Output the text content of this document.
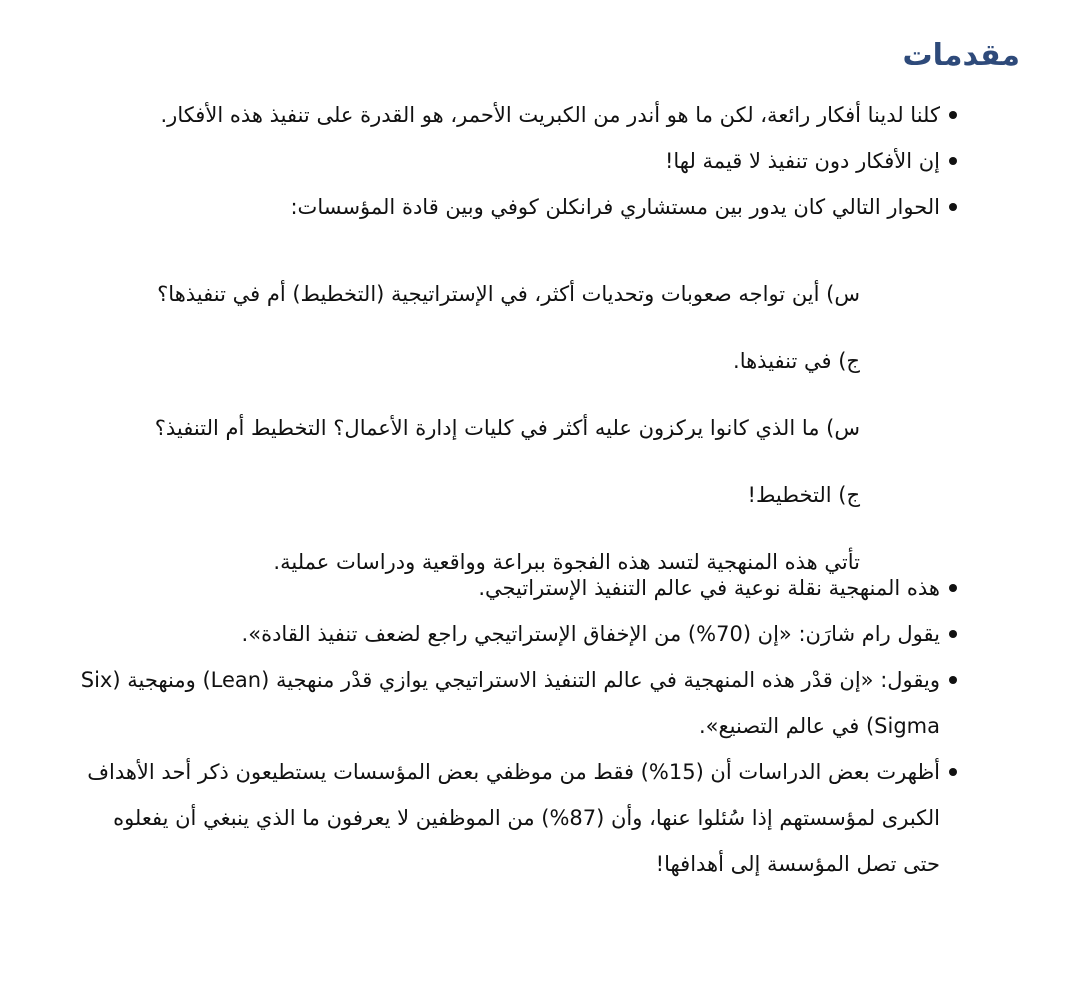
مقدمات
كلنا لدينا أفكار رائعة، لكن ما هو أندر من الكبريت الأحمر، هو القدرة على تنفيذ هذه الأفكار.
إن الأفكار دون تنفيذ لا قيمة لها!
الحوار التالي كان يدور بين مستشاري فرانكلن كوفي وبين قادة المؤسسات:

س) أين تواجه صعوبات وتحديات أكثر، في الإستراتيجية (التخطيط) أم في تنفيذها؟

ج) في تنفيذها.

س) ما الذي كانوا يركزون عليه أكثر في كليات إدارة الأعمال؟ التخطيط أم التنفيذ؟

ج) التخطيط!

تأتي هذه المنهجية لتسد هذه الفجوة ببراعة وواقعية ودراسات عملية.

هذه المنهجية نقلة نوعية في عالم التنفيذ الإستراتيجي.
يقول رام شارَن: «إن (70%) من الإخفاق الإستراتيجي راجع لضعف تنفيذ القادة».
ويقول: «إن قدْر هذه المنهجية في عالم التنفيذ الاستراتيجي يوازي قدْر منهجية (Lean) ومنهجية (Six Sigma) في عالم التصنيع».
أظهرت بعض الدراسات أن (15%) فقط من موظفي بعض المؤسسات يستطيعون ذكر أحد الأهداف الكبرى لمؤسستهم إذا سُئلوا عنها، وأن (87%) من الموظفين لا يعرفون ما الذي ينبغي أن يفعلوه حتى تصل المؤسسة إلى أهدافها!
